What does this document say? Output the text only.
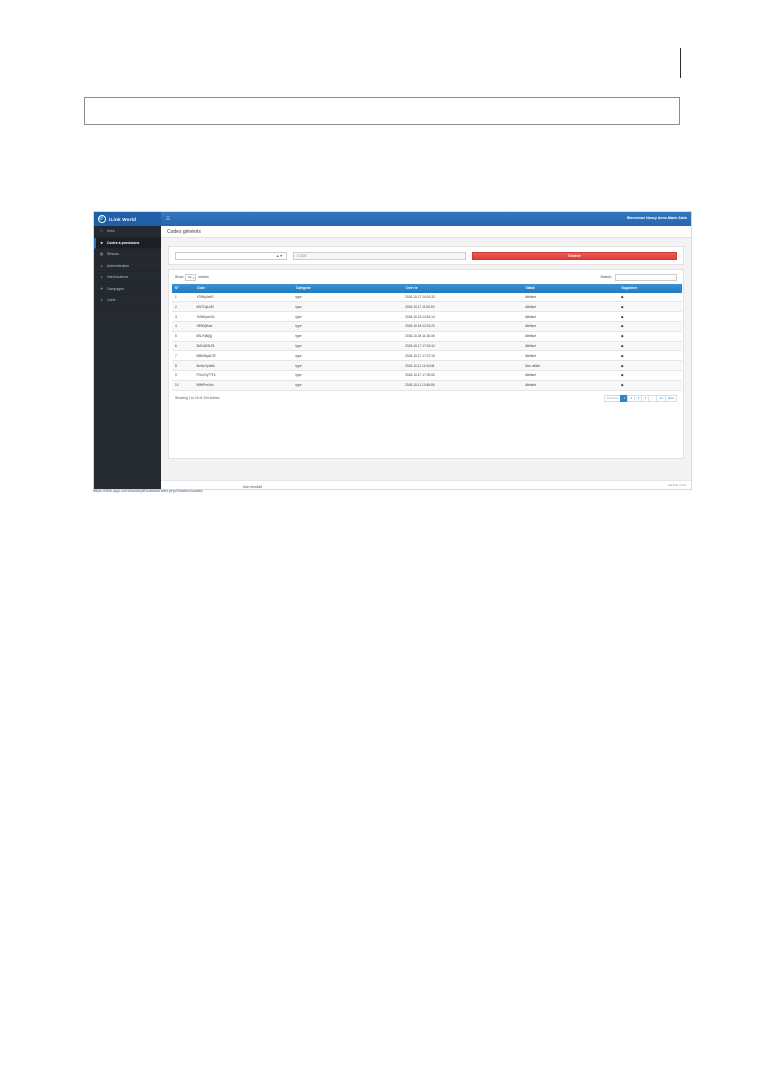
iLink World	☰	Bienvenue Nancy Anne-Marie Alain
☖ Infos
■	Codes à provisions
▩ Réseau
●	Administration
●	Interlocuteurs
⚑ Campagne
●	Carte
Codes générés
▲▼	CODE	Générer
Show 10 ▾ entries	Search:
N°	Code	Catégorie	Créer le	Statut	Supprimer
1	YDWpUwfG	type	2018-10-17 14:01:33	Attribué	◆
2	6WTGyLbM	type	2018-10-17 11:53:00	Attribué	◆
3	TuWKpwVJc	type	2018-10-15 14:51:14	Attribué	◆
4	VfRkVjKsw	type	2018-10-18 12:01:20	Attribué	◆
5	8SLFqNjQj	type	2018-10-04 11:16:36	Attribué	◆
6	3MCaDSLRt	type	2018-10-17 17:02:44	Attribué	◆
7	MBkSkpdC3F	type	2018-10-17 17:07:15	Attribué	◆
8	5mNcVpnMn	type	2018-10-11 11:04:08	Non utilisé	◆
9	PGx47qTTFk	type	2018-10-17 17:00:53	Attribué	◆
10	MWfPnxYuc	type	2018-10-11 10:48:08	Attribué	◆
Showing 1 to 10 of 134 entries	Previous	1	2	3	4	…	14	Next
Version 2.0.0
https://ilink-app.com/hockeyffhcdmla/index.php/Gestion/codes
Non résolutif
